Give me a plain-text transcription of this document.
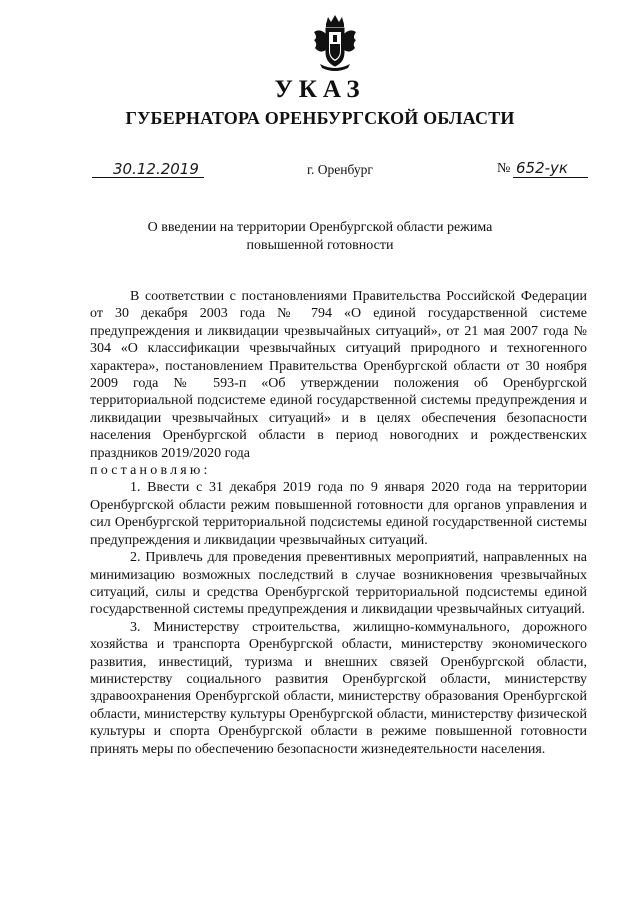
УКАЗ
ГУБЕРНАТОРА ОРЕНБУРГСКОЙ ОБЛАСТИ
30.12.2019	г. Оренбург	№ 652-ук
О введении на территории Оренбургской области режима повышенной готовности

В соответствии с постановлениями Правительства Российской Федерации от 30 декабря 2003 года № 794 «О единой государственной системе предупреждения и ликвидации чрезвычайных ситуаций», от 21 мая 2007 года № 304 «О классификации чрезвычайных ситуаций природного и техногенного характера», постановлением Правительства Оренбургской области от 30 ноября 2009 года № 593-п «Об утверждении положения об Оренбургской территориальной подсистеме единой государственной системы предупреждения и ликвидации чрезвычайных ситуаций» и в целях обеспечения безопасности населения Оренбургской области в период новогодних и рождественских праздников 2019/2020 года

постановляю:

1. Ввести с 31 декабря 2019 года по 9 января 2020 года на территории Оренбургской области режим повышенной готовности для органов управления и сил Оренбургской территориальной подсистемы единой государственной системы предупреждения и ликвидации чрезвычайных ситуаций.

2. Привлечь для проведения превентивных мероприятий, направленных на минимизацию возможных последствий в случае возникновения чрезвычайных ситуаций, силы и средства Оренбургской территориальной подсистемы единой государственной системы предупреждения и ликвидации чрезвычайных ситуаций.

3. Министерству строительства, жилищно-коммунального, дорожного хозяйства и транспорта Оренбургской области, министерству экономического развития, инвестиций, туризма и внешних связей Оренбургской области, министерству социального развития Оренбургской области, министерству здравоохранения Оренбургской области, министерству образования Оренбургской области, министерству культуры Оренбургской области, министерству физической культуры и спорта Оренбургской области в режиме повышенной готовности принять меры по обеспечению безопасности жизнедеятельности населения.
